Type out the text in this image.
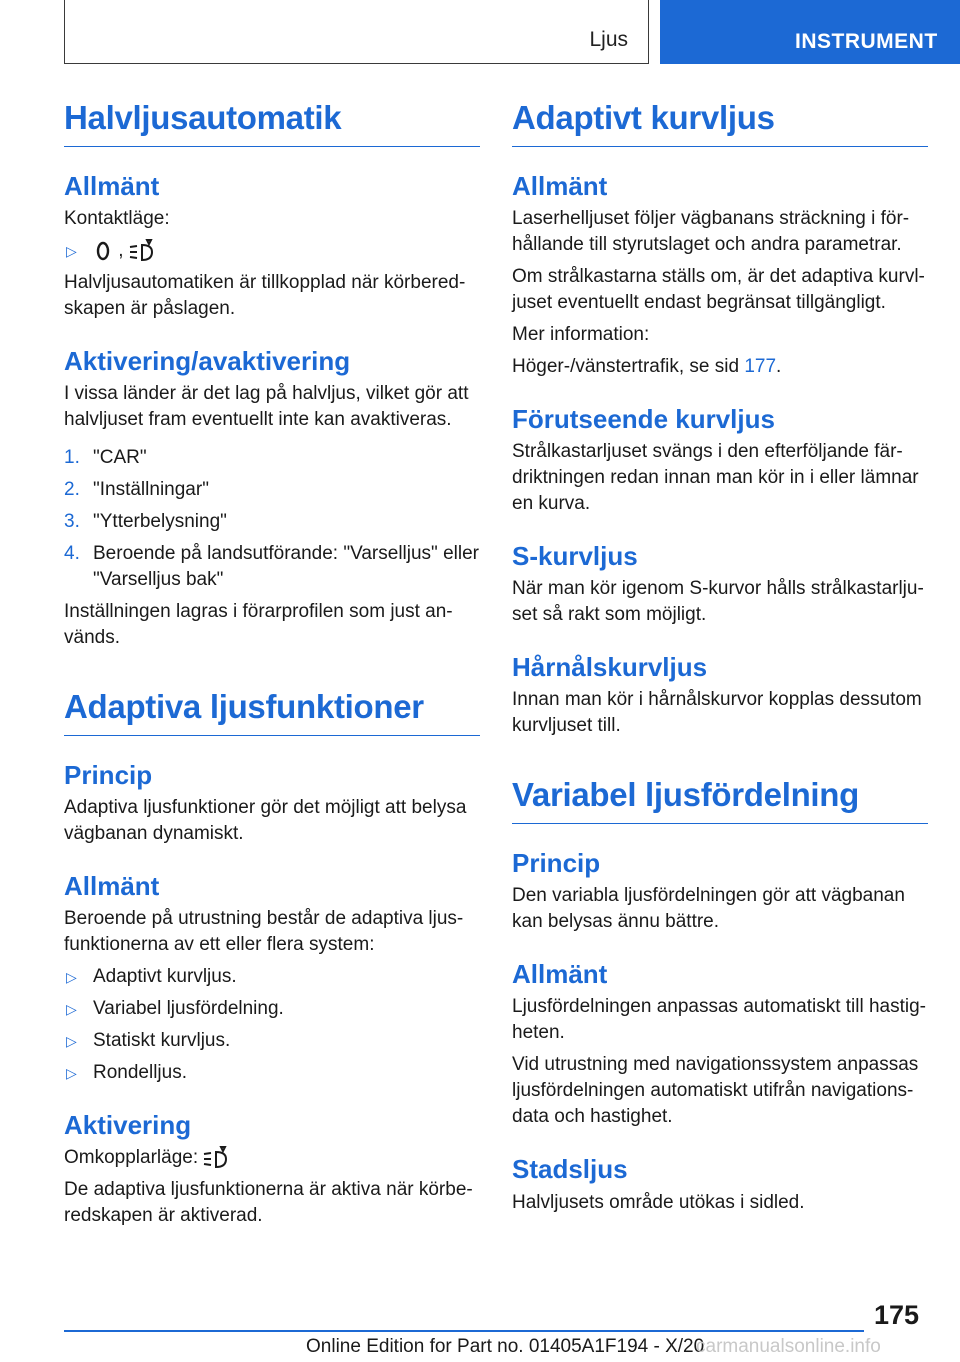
Ljus	INSTRUMENT
Halvljusautomatik
Allmänt

Kontaktläge:

▷	,

Halvljusautomatiken är tillkopplad när körbered-skapen är påslagen.

Aktivering/avaktivering

I vissa länder är det lag på halvljus, vilket gör att halvljuset fram eventuellt inte kan avaktiveras.

1. "CAR"
2. "Inställningar"
3. "Ytterbelysning"
4. Beroende på landsutförande: "Varselljus" eller "Varselljus bak"

Inställningen lagras i förarprofilen som just an-vänds.

Adaptiva ljusfunktioner
Princip

Adaptiva ljusfunktioner gör det möjligt att belysa vägbanan dynamiskt.

Allmänt

Beroende på utrustning består de adaptiva ljus-funktionerna av ett eller flera system:

▷ Adaptivt kurvljus.
▷ Variabel ljusfördelning.
▷ Statiskt kurvljus.
▷ Rondelljus.
Aktivering

Omkopplarläge:

De adaptiva ljusfunktionerna är aktiva när körbe-redskapen är aktiverad.

Adaptivt kurvljus
Allmänt

Laserhelljuset följer vägbanans sträckning i för-hållande till styrutslaget och andra parametrar.

Om strålkastarna ställs om, är det adaptiva kurvl-juset eventuellt endast begränsat tillgängligt.

Mer information:

Höger-/vänstertrafik, se sid 177.

Förutseende kurvljus

Strålkastarljuset svängs i den efterföljande fär-driktningen redan innan man kör in i eller lämnar en kurva.

S-kurvljus

När man kör igenom S-kurvor hålls strålkastarlju-set så rakt som möjligt.

Hårnålskurvljus

Innan man kör i hårnålskurvor kopplas dessutom kurvljuset till.

Variabel ljusfördelning
Princip

Den variabla ljusfördelningen gör att vägbanan kan belysas ännu bättre.

Allmänt

Ljusfördelningen anpassas automatiskt till hastig-heten.

Vid utrustning med navigationssystem anpassas ljusfördelningen automatiskt utifrån navigations-data och hastighet.

Stadsljus

Halvljusets område utökas i sidled.

175
Online Edition for Part no. 01405A1F194 - X/20
carmanualsonline.info
